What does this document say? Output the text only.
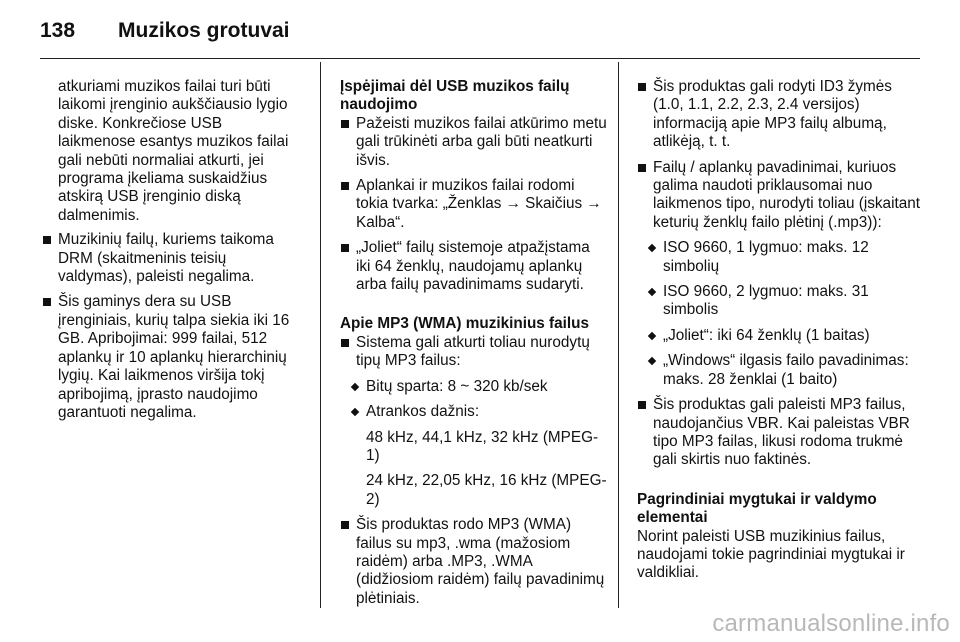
138 Muzikos grotuvai
atkuriami muzikos failai turi būti laikomi įrenginio aukščiausio lygio diske. Konkrečiose USB laikmenose esantys muzikos failai gali nebūti normaliai atkurti, jei programa įkeliama suskaidžius atskirą USB įrenginio diską dalmenimis.
Muzikinių failų, kuriems taikoma DRM (skaitmeninis teisių valdymas), paleisti negalima.
Šis gaminys dera su USB įrenginiais, kurių talpa siekia iki 16 GB. Apribojimai: 999 failai, 512 aplankų ir 10 aplankų hierarchinių lygių. Kai laikmenos viršija tokį apribojimą, įprasto naudojimo garantuoti negalima.
Įspėjimai dėl USB muzikos failų naudojimo
Pažeisti muzikos failai atkūrimo metu gali trūkinėti arba gali būti neatkurti išvis.
Aplankai ir muzikos failai rodomi tokia tvarka: „Ženklas → Skaičius → Kalba“.
„Joliet“ failų sistemoje atpažįstama iki 64 ženklų, naudojamų aplankų arba failų pavadinimams sudaryti.
Apie MP3 (WMA) muzikinius failus
Sistema gali atkurti toliau nurodytų tipų MP3 failus:
Bitų sparta: 8 ~ 320 kb/sek
Atrankos dažnis:
48 kHz, 44,1 kHz, 32 kHz (MPEG-1)
24 kHz, 22,05 kHz, 16 kHz (MPEG-2)
Šis produktas rodo MP3 (WMA) failus su mp3, .wma (mažosiom raidėm) arba .MP3, .WMA (didžiosiom raidėm) failų pavadinimų plėtiniais.
Šis produktas gali rodyti ID3 žymės (1.0, 1.1, 2.2, 2.3, 2.4 versijos) informaciją apie MP3 failų albumą, atlikėją, t. t.
Failų / aplankų pavadinimai, kuriuos galima naudoti priklausomai nuo laikmenos tipo, nurodyti toliau (įskaitant keturių ženklų failo plėtinį (.mp3)):
ISO 9660, 1 lygmuo: maks. 12 simbolių
ISO 9660, 2 lygmuo: maks. 31 simbolis
„Joliet“: iki 64 ženklų (1 baitas)
„Windows“ ilgasis failo pavadinimas: maks. 28 ženklai (1 baito)
Šis produktas gali paleisti MP3 failus, naudojančius VBR. Kai paleistas VBR tipo MP3 failas, likusi rodoma trukmė gali skirtis nuo faktinės.
Pagrindiniai mygtukai ir valdymo elementai
Norint paleisti USB muzikinius failus, naudojami tokie pagrindiniai mygtukai ir valdikliai.
carmanualsonline.info
